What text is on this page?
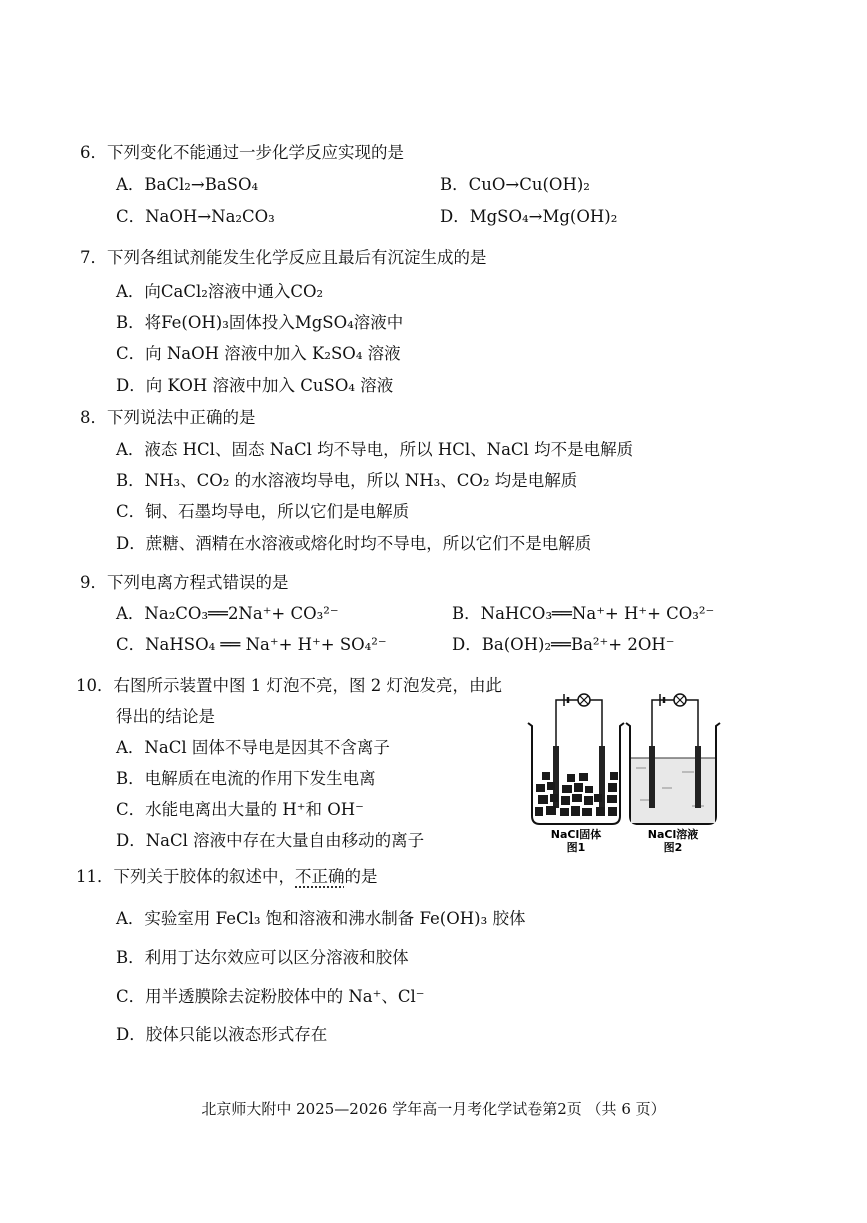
6．下列变化不能通过一步化学反应实现的是
A．BaCl₂→BaSO₄	B．CuO→Cu(OH)₂
C．NaOH→Na₂CO₃	D．MgSO₄→Mg(OH)₂
7．下列各组试剂能发生化学反应且最后有沉淀生成的是
A．向CaCl₂溶液中通入CO₂
B．将Fe(OH)₃固体投入MgSO₄溶液中
C．向 NaOH 溶液中加入 K₂SO₄ 溶液
D．向 KOH 溶液中加入 CuSO₄ 溶液
8．下列说法中正确的是
A．液态 HCl、固态 NaCl 均不导电，所以 HCl、NaCl 均不是电解质
B．NH₃、CO₂ 的水溶液均导电，所以 NH₃、CO₂ 均是电解质
C．铜、石墨均导电，所以它们是电解质
D．蔗糖、酒精在水溶液或熔化时均不导电，所以它们不是电解质
9．下列电离方程式错误的是
A．Na₂CO₃══2Na⁺+ CO₃²⁻	B．NaHCO₃══Na⁺+ H⁺+ CO₃²⁻
C．NaHSO₄ ══ Na⁺+ H⁺+ SO₄²⁻	D．Ba(OH)₂══Ba²⁺+ 2OH⁻
10．右图所示装置中图 1 灯泡不亮，图 2 灯泡发亮，由此
得出的结论是
A．NaCl 固体不导电是因其不含离子
B．电解质在电流的作用下发生电离
C．水能电离出大量的 H⁺和 OH⁻
D．NaCl 溶液中存在大量自由移动的离子	NaCl固体
图1
NaCl溶液
图2
11．下列关于胶体的叙述中，不正确的是
A．实验室用 FeCl₃ 饱和溶液和沸水制备 Fe(OH)₃ 胶体
B．利用丁达尔效应可以区分溶液和胶体
C．用半透膜除去淀粉胶体中的 Na⁺、Cl⁻
D．胶体只能以液态形式存在
北京师大附中 2025—2026 学年高一月考化学试卷第2页 （共 6 页）
